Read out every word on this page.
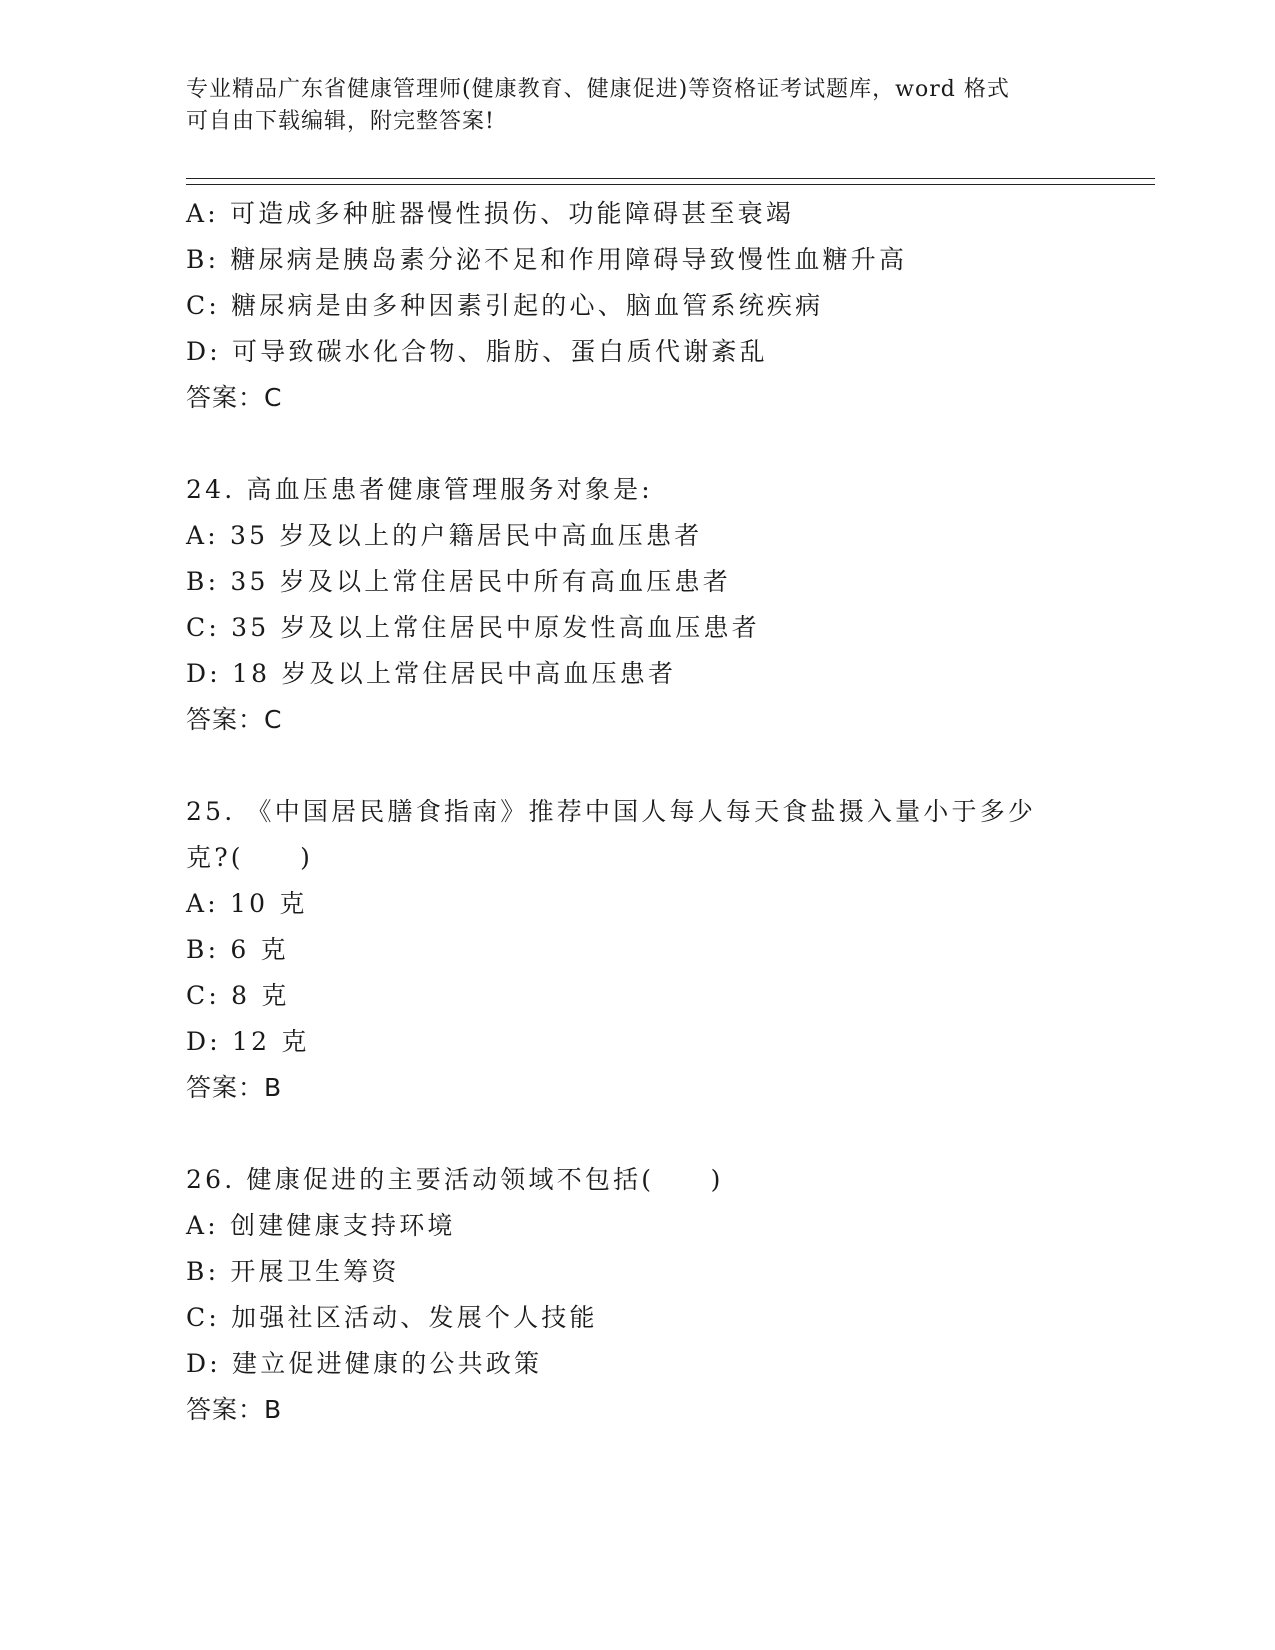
专业精品广东省健康管理师(健康教育、健康促进)等资格证考试题库，word 格式
可自由下载编辑，附完整答案!
A: 可造成多种脏器慢性损伤、功能障碍甚至衰竭
B: 糖尿病是胰岛素分泌不足和作用障碍导致慢性血糖升高
C: 糖尿病是由多种因素引起的心、脑血管系统疾病
D: 可导致碳水化合物、脂肪、蛋白质代谢紊乱
答案：C
24. 高血压患者健康管理服务对象是:
A: 35 岁及以上的户籍居民中高血压患者
B: 35 岁及以上常住居民中所有高血压患者
C: 35 岁及以上常住居民中原发性高血压患者
D: 18 岁及以上常住居民中高血压患者
答案：C
25. 《中国居民膳食指南》推荐中国人每人每天食盐摄入量小于多少克?(　　)
A: 10 克
B: 6 克
C: 8 克
D: 12 克
答案：B
26. 健康促进的主要活动领域不包括(　　)
A: 创建健康支持环境
B: 开展卫生筹资
C: 加强社区活动、发展个人技能
D: 建立促进健康的公共政策
答案：B
